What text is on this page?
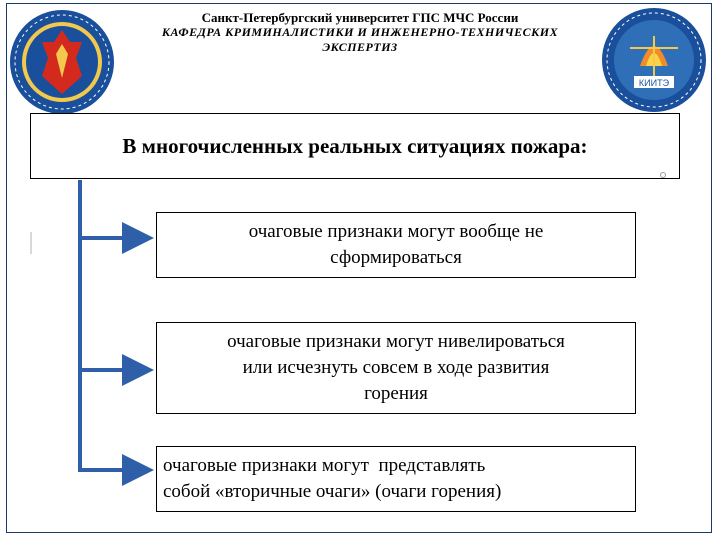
КИИТЭ
Санкт-Петербургский университет ГПС МЧС России
КАФЕДРА КРИМИНАЛИСТИКИ И ИНЖЕНЕРНО-ТЕХНИЧЕСКИХ
ЭКСПЕРТИЗ
В многочисленных реальных ситуациях пожара:
очаговые признаки могут вообще не
сформироваться
очаговые признаки могут нивелироваться
или исчезнуть совсем в ходе развития
горения
очаговые признаки могут  представлять
собой «вторичные очаги» (очаги горения)
